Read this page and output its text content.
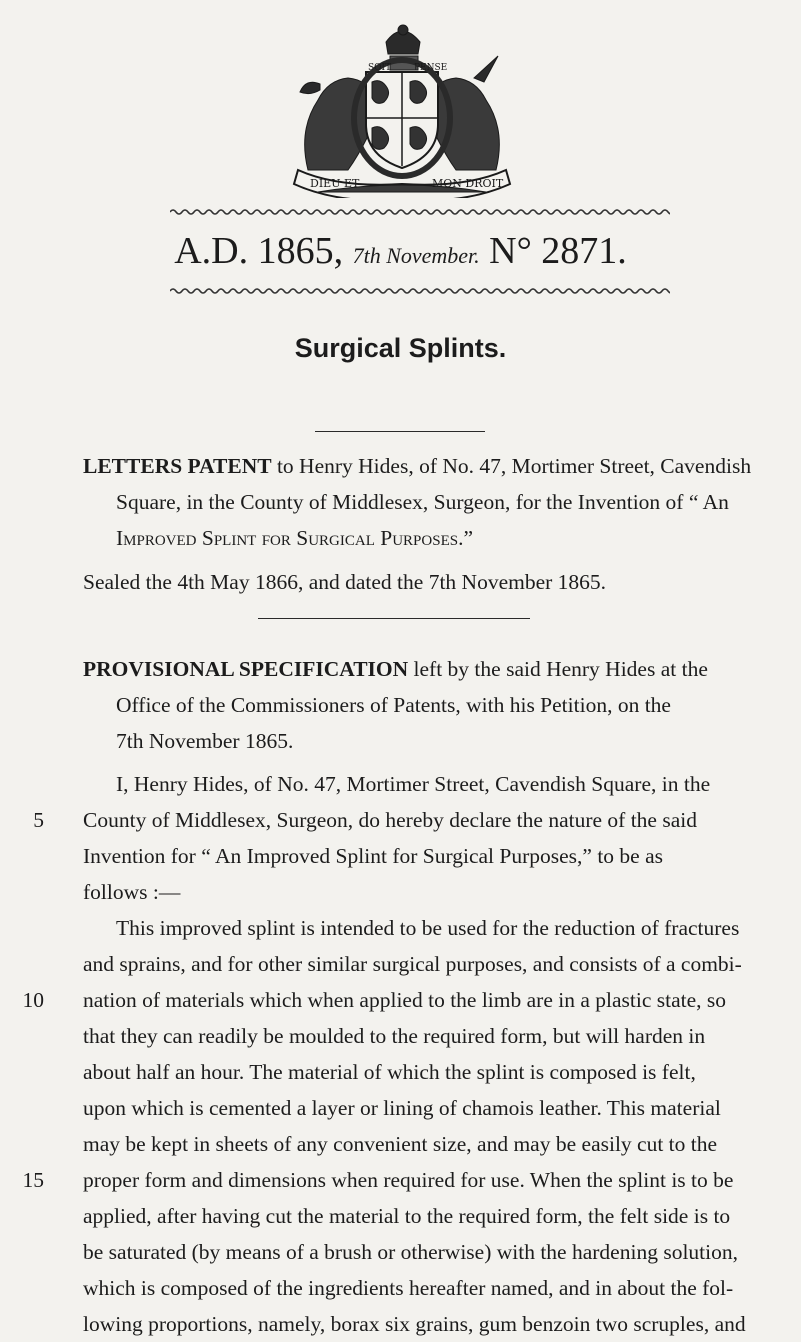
SOIT	PENSE
DIEU ET	MON DROIT
A.D. 1865, 7th November. N° 2871.
Surgical Splints.
LETTERS PATENT to Henry Hides, of No. 47, Mortimer Street, Cavendish
Square, in the County of Middlesex, Surgeon, for the Invention of “ An
Improved Splint for Surgical Purposes.”
Sealed the 4th May 1866, and dated the 7th November 1865.
PROVISIONAL SPECIFICATION left by the said Henry Hides at the
Office of the Commissioners of Patents, with his Petition, on the
7th November 1865.
I, Henry Hides, of No. 47, Mortimer Street, Cavendish Square, in the
County of Middlesex, Surgeon, do hereby declare the nature of the said
Invention for “ An Improved Splint for Surgical Purposes,” to be as
follows :—
This improved splint is intended to be used for the reduction of fractures
and sprains, and for other similar surgical purposes, and consists of a combi-
nation of materials which when applied to the limb are in a plastic state, so
that they can readily be moulded to the required form, but will harden in
about half an hour. The material of which the splint is composed is felt,
upon which is cemented a layer or lining of chamois leather. This material
may be kept in sheets of any convenient size, and may be easily cut to the
proper form and dimensions when required for use. When the splint is to be
applied, after having cut the material to the required form, the felt side is to
be saturated (by means of a brush or otherwise) with the hardening solution,
which is composed of the ingredients hereafter named, and in about the fol-
lowing proportions, namely, borax six grains, gum benzoin two scruples, and
5
10
15
